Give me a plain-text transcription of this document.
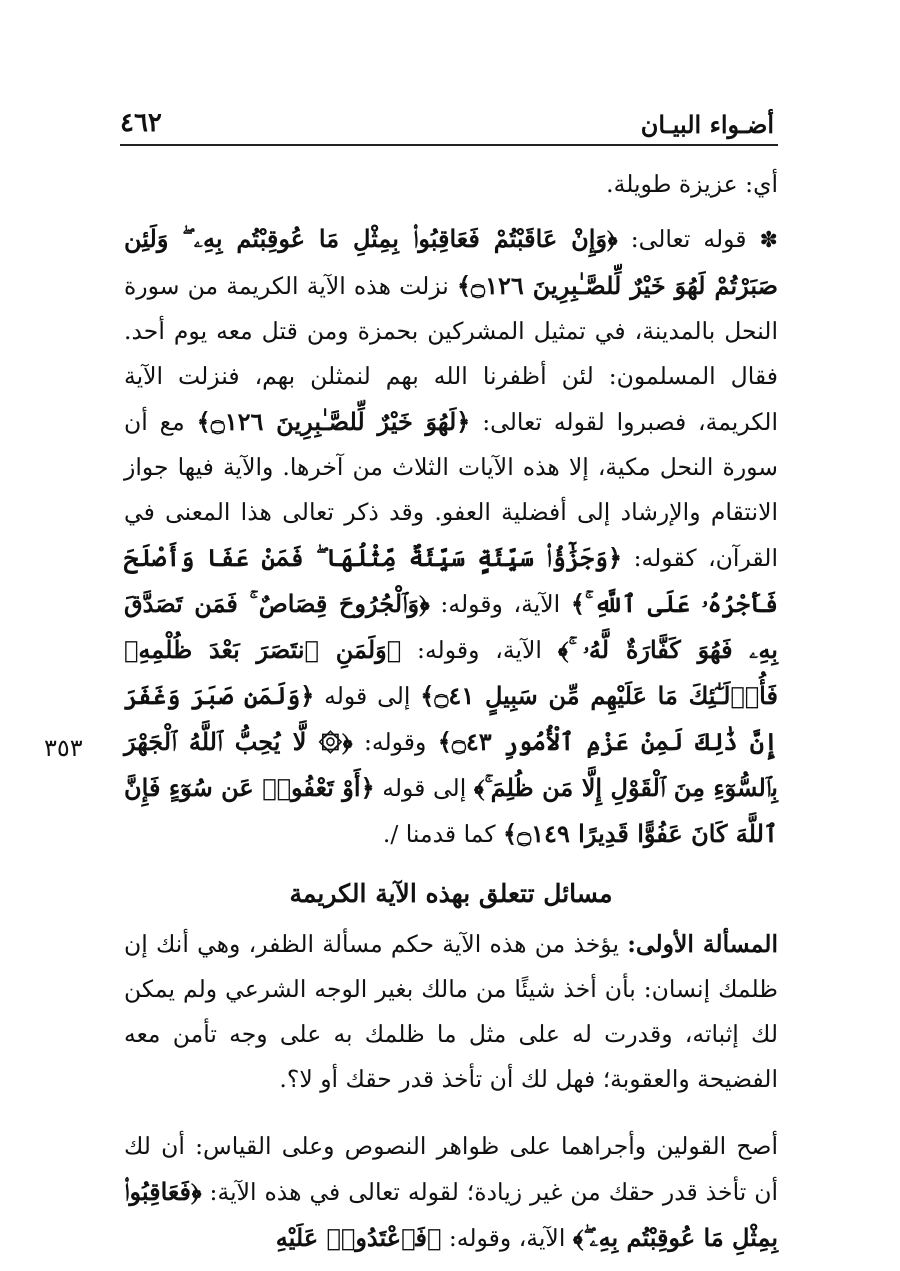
٤٦٢	أضـواء البيـان
٣٥٣

أي: عزيزة طويلة.

✽ قوله تعالى: ﴿وَإِنْ عَاقَبْتُمْ فَعَاقِبُوا۟ بِمِثْلِ مَا عُوقِبْتُم بِهِۦ ۖ وَلَئِن صَبَرْتُمْ لَهُوَ خَيْرٌ لِّلصَّـٰبِرِينَ ۝١٢٦﴾ نزلت هذه الآية الكريمة من سورة النحل بالمدينة، في تمثيل المشركين بحمزة ومن قتل معه يوم أحد. فقال المسلمون: لئن أظفرنا الله بهم لنمثلن بهم، فنزلت الآية الكريمة، فصبروا لقوله تعالى: ﴿لَهُوَ خَيْرٌ لِّلصَّـٰبِرِينَ ۝١٢٦﴾ مع أن سورة النحل مكية، إلا هذه الآيات الثلاث من آخرها. والآية فيها جواز الانتقام والإرشاد إلى أفضلية العفو. وقد ذكر تعالى هذا المعنى في القرآن، كقوله: ﴿وَجَزَٰٓؤُا۟ سَيِّئَةٍ سَيِّئَةٌ مِّثْلُهَا ۖ فَمَنْ عَفَا وَأَصْلَحَ فَأَجْرُهُۥ عَلَى ٱللَّهِ ۚ﴾ الآية، وقوله: ﴿وَٱلْجُرُوحَ قِصَاصٌ ۚ فَمَن تَصَدَّقَ بِهِۦ فَهُوَ كَفَّارَةٌ لَّهُۥ ۚ﴾ الآية، وقوله: ﴿وَلَمَنِ ٱنتَصَرَ بَعْدَ ظُلْمِهِۦ فَأُو۟لَـٰٓئِكَ مَا عَلَيْهِم مِّن سَبِيلٍ ۝٤١﴾ إلى قوله ﴿وَلَمَن صَبَرَ وَغَفَرَ إِنَّ ذَٰلِكَ لَمِنْ عَزْمِ ٱلْأُمُورِ ۝٤٣﴾ وقوله: ﴿۞ لَّا يُحِبُّ ٱللَّهُ ٱلْجَهْرَ بِٱلسُّوٓءِ مِنَ ٱلْقَوْلِ إِلَّا مَن ظُلِمَ ۚ﴾ إلى قوله ﴿أَوْ تَعْفُوا۟ عَن سُوٓءٍ فَإِنَّ ٱللَّهَ كَانَ عَفُوًّا قَدِيرًا ۝١٤٩﴾ كما قدمنا /.

مسائل تتعلق بهذه الآية الكريمة

المسألة الأولى: يؤخذ من هذه الآية حكم مسألة الظفر، وهي أنك إن ظلمك إنسان: بأن أخذ شيئًا من مالك بغير الوجه الشرعي ولم يمكن لك إثباته، وقدرت له على مثل ما ظلمك به على وجه تأمن معه الفضيحة والعقوبة؛ فهل لك أن تأخذ قدر حقك أو لا؟.

أصح القولين وأجراهما على ظواهر النصوص وعلى القياس: أن لك أن تأخذ قدر حقك من غير زيادة؛ لقوله تعالى في هذه الآية: ﴿فَعَاقِبُوا۟ بِمِثْلِ مَا عُوقِبْتُم بِهِۦ ۖ﴾ الآية، وقوله: ﴿فَٱعْتَدُوا۟ عَلَيْهِ
